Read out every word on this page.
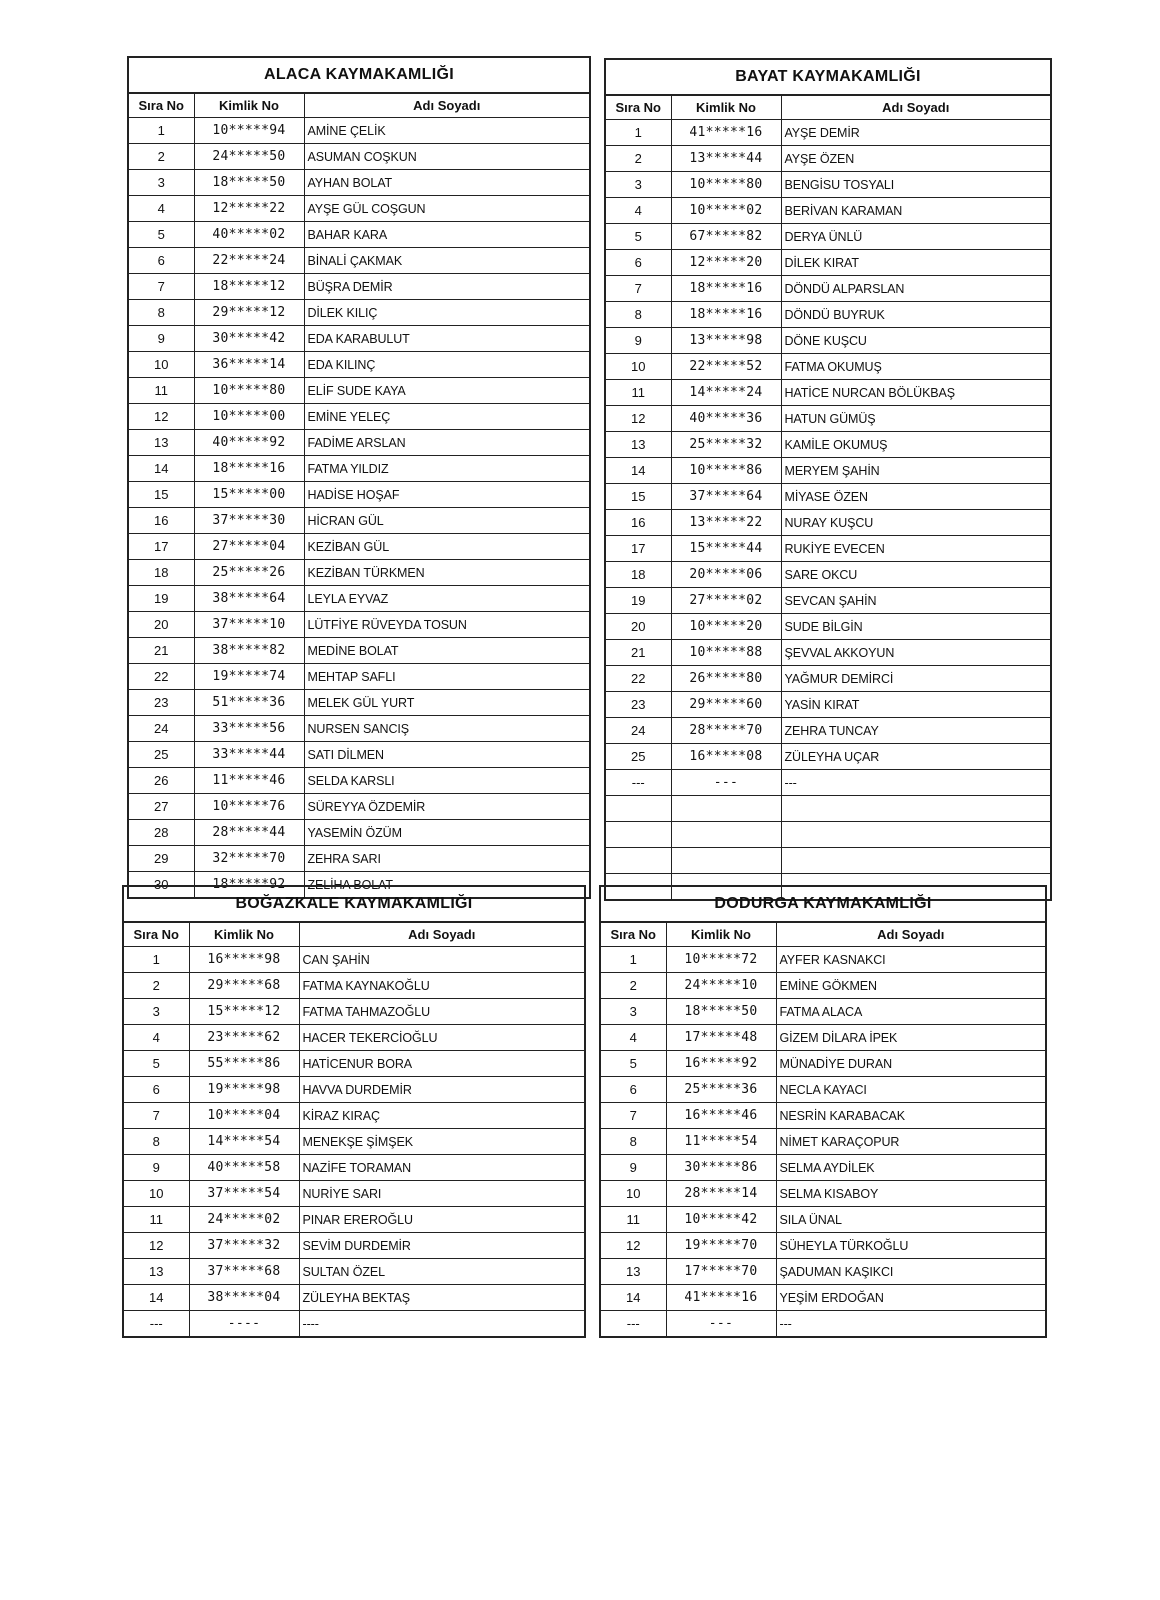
ALACA KAYMAKAMLIĞI
Sıra No	Kimlik No	Adı Soyadı
1	10*****94	AMİNE ÇELİK
2	24*****50	ASUMAN COŞKUN
3	18*****50	AYHAN BOLAT
4	12*****22	AYŞE GÜL COŞGUN
5	40*****02	BAHAR KARA
6	22*****24	BİNALİ ÇAKMAK
7	18*****12	BÜŞRA DEMİR
8	29*****12	DİLEK KILIÇ
9	30*****42	EDA KARABULUT
10	36*****14	EDA KILINÇ
11	10*****80	ELİF SUDE KAYA
12	10*****00	EMİNE YELEÇ
13	40*****92	FADİME ARSLAN
14	18*****16	FATMA YILDIZ
15	15*****00	HADİSE HOŞAF
16	37*****30	HİCRAN GÜL
17	27*****04	KEZİBAN GÜL
18	25*****26	KEZİBAN TÜRKMEN
19	38*****64	LEYLA EYVAZ
20	37*****10	LÜTFİYE RÜVEYDA TOSUN
21	38*****82	MEDİNE BOLAT
22	19*****74	MEHTAP SAFLI
23	51*****36	MELEK GÜL YURT
24	33*****56	NURSEN SANCIŞ
25	33*****44	SATI DİLMEN
26	11*****46	SELDA KARSLI
27	10*****76	SÜREYYA ÖZDEMİR
28	28*****44	YASEMİN ÖZÜM
29	32*****70	ZEHRA SARI
30	18*****92	ZELİHA BOLAT
BAYAT KAYMAKAMLIĞI
Sıra No	Kimlik No	Adı Soyadı
1	41*****16	AYŞE DEMİR
2	13*****44	AYŞE ÖZEN
3	10*****80	BENGİSU TOSYALI
4	10*****02	BERİVAN KARAMAN
5	67*****82	DERYA ÜNLÜ
6	12*****20	DİLEK KIRAT
7	18*****16	DÖNDÜ ALPARSLAN
8	18*****16	DÖNDÜ BUYRUK
9	13*****98	DÖNE KUŞCU
10	22*****52	FATMA OKUMUŞ
11	14*****24	HATİCE NURCAN BÖLÜKBAŞ
12	40*****36	HATUN GÜMÜŞ
13	25*****32	KAMİLE OKUMUŞ
14	10*****86	MERYEM ŞAHİN
15	37*****64	MİYASE ÖZEN
16	13*****22	NURAY KUŞCU
17	15*****44	RUKİYE EVECEN
18	20*****06	SARE OKCU
19	27*****02	SEVCAN ŞAHİN
20	10*****20	SUDE BİLGİN
21	10*****88	ŞEVVAL AKKOYUN
22	26*****80	YAĞMUR DEMİRCİ
23	29*****60	YASİN KIRAT
24	28*****70	ZEHRA TUNCAY
25	16*****08	ZÜLEYHA UÇAR
---	---	---

BOĞAZKALE KAYMAKAMLIĞI
Sıra No	Kimlik No	Adı Soyadı
1	16*****98	CAN ŞAHİN
2	29*****68	FATMA KAYNAKOĞLU
3	15*****12	FATMA TAHMAZOĞLU
4	23*****62	HACER TEKERCİOĞLU
5	55*****86	HATİCENUR BORA
6	19*****98	HAVVA DURDEMİR
7	10*****04	KİRAZ KIRAÇ
8	14*****54	MENEKŞE ŞİMŞEK
9	40*****58	NAZİFE TORAMAN
10	37*****54	NURİYE SARI
11	24*****02	PINAR EREROĞLU
12	37*****32	SEVİM DURDEMİR
13	37*****68	SULTAN ÖZEL
14	38*****04	ZÜLEYHA BEKTAŞ
---	----	----
DODURGA KAYMAKAMLIĞI
Sıra No	Kimlik No	Adı Soyadı
1	10*****72	AYFER KASNAKCI
2	24*****10	EMİNE GÖKMEN
3	18*****50	FATMA ALACA
4	17*****48	GİZEM DİLARA İPEK
5	16*****92	MÜNADİYE DURAN
6	25*****36	NECLA KAYACI
7	16*****46	NESRİN KARABACAK
8	11*****54	NİMET KARAÇOPUR
9	30*****86	SELMA AYDİLEK
10	28*****14	SELMA KISABOY
11	10*****42	SILA ÜNAL
12	19*****70	SÜHEYLA TÜRKOĞLU
13	17*****70	ŞADUMAN KAŞIKCI
14	41*****16	YEŞİM ERDOĞAN
---	---	---
